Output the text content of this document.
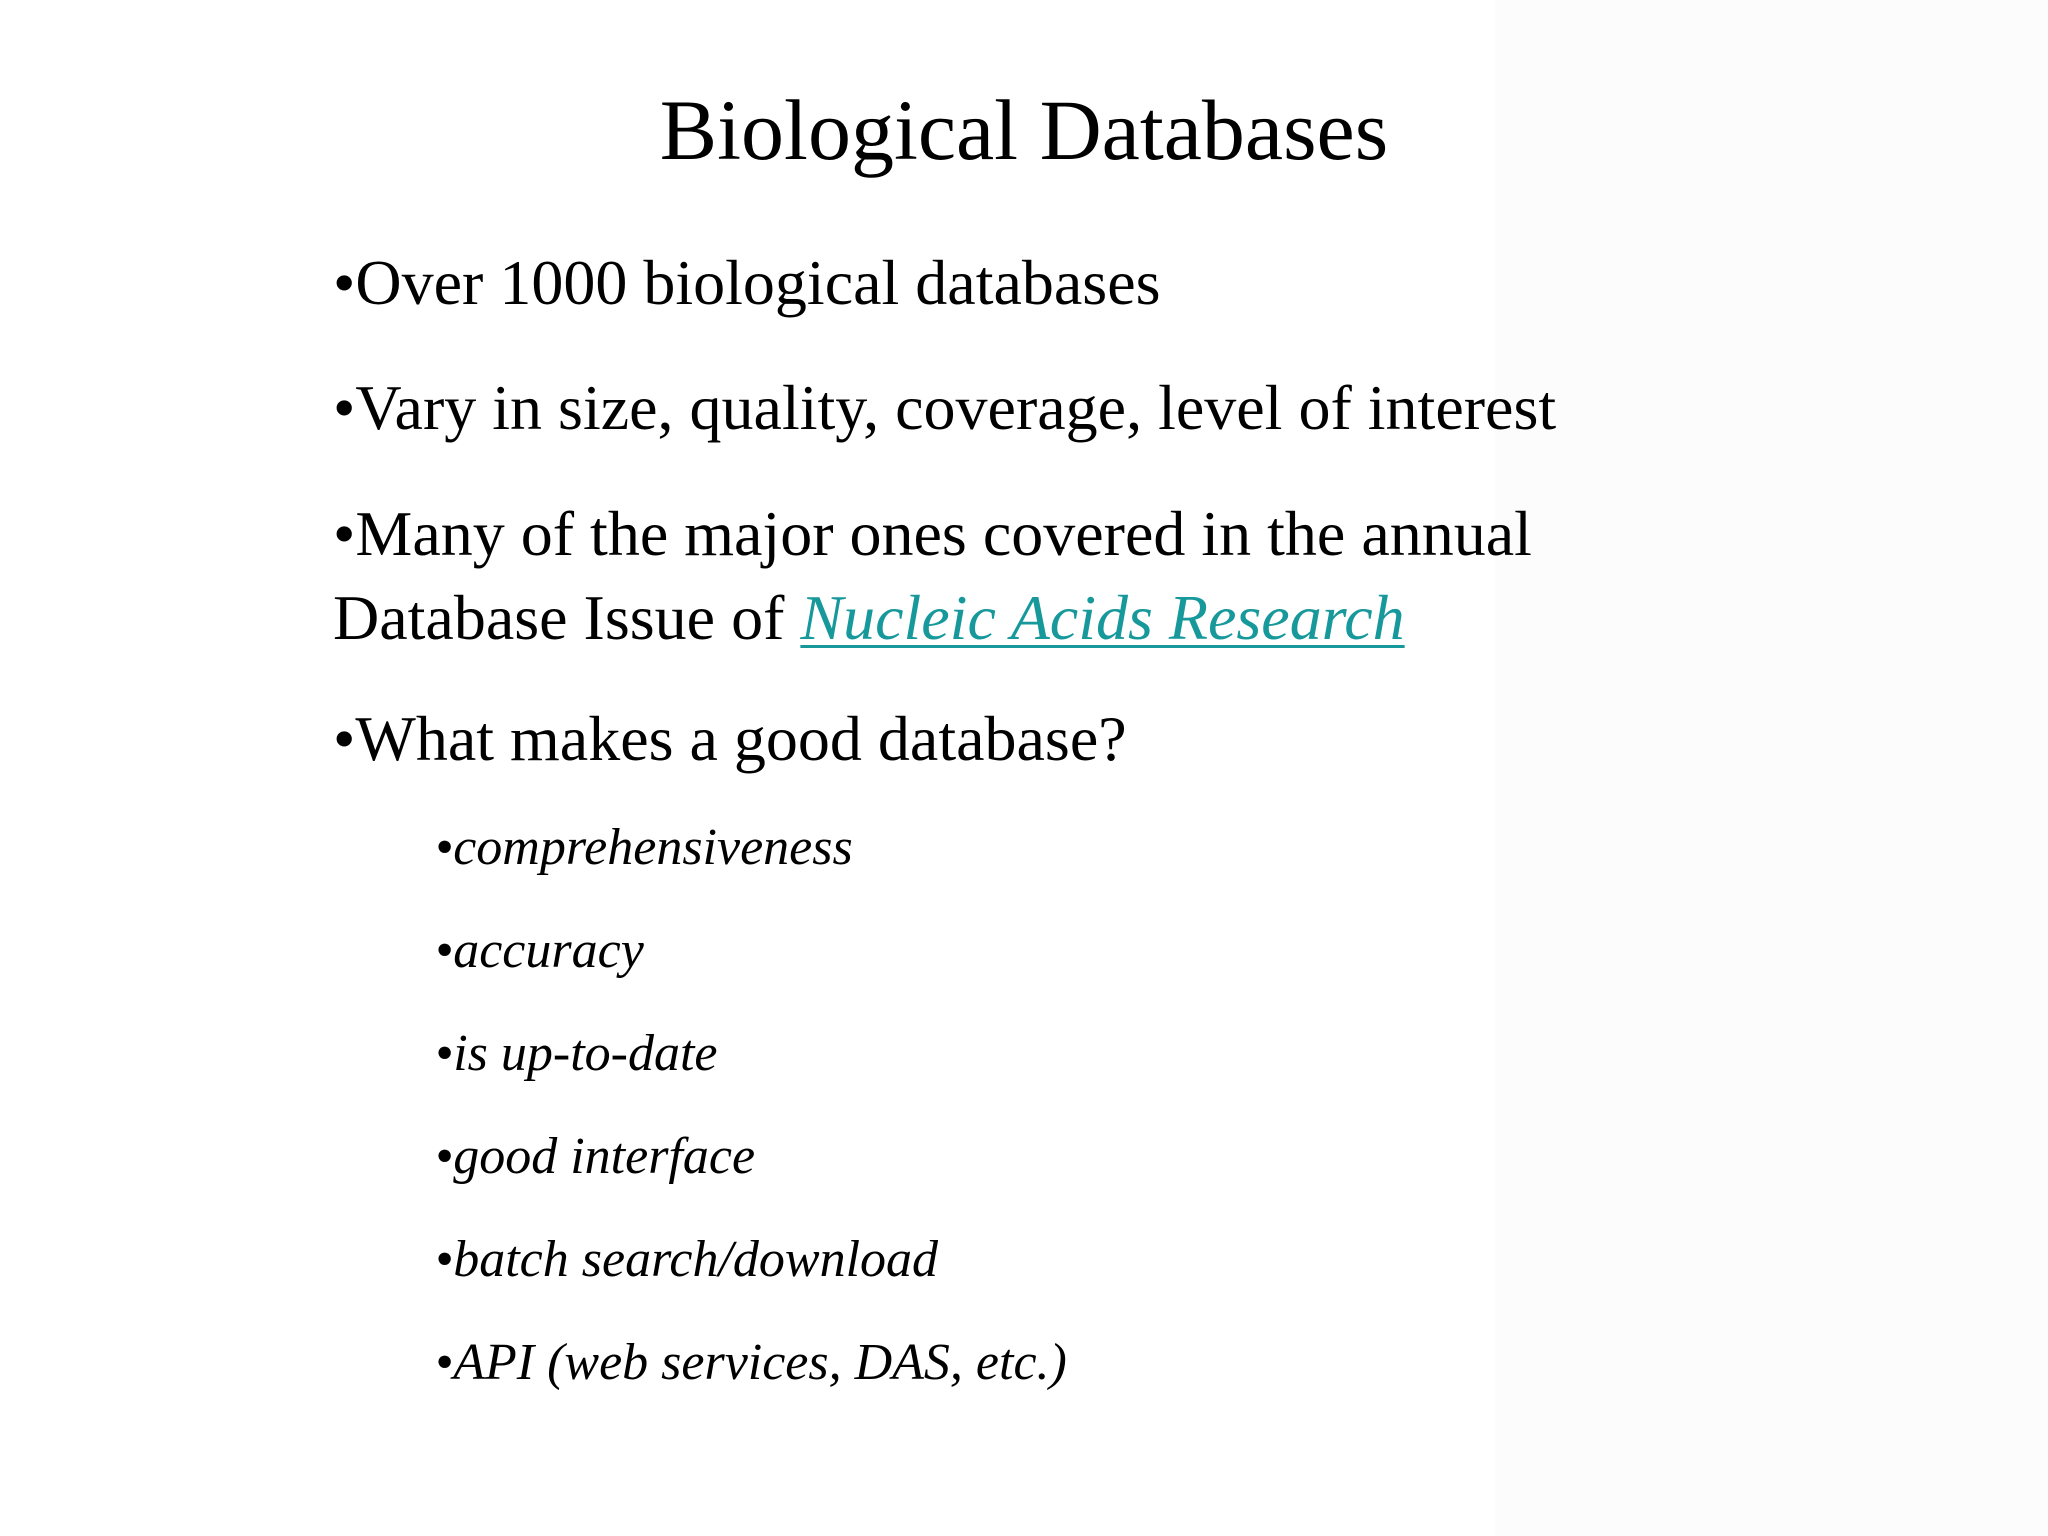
Biological Databases
•Over 1000 biological databases
•Vary in size, quality, coverage, level of interest
•Many of the major ones covered in the annual
Database Issue of Nucleic Acids Research
•What makes a good database?
•comprehensiveness
•accuracy
•is up-to-date
•good interface
•batch search/download
•API (web services, DAS, etc.)
